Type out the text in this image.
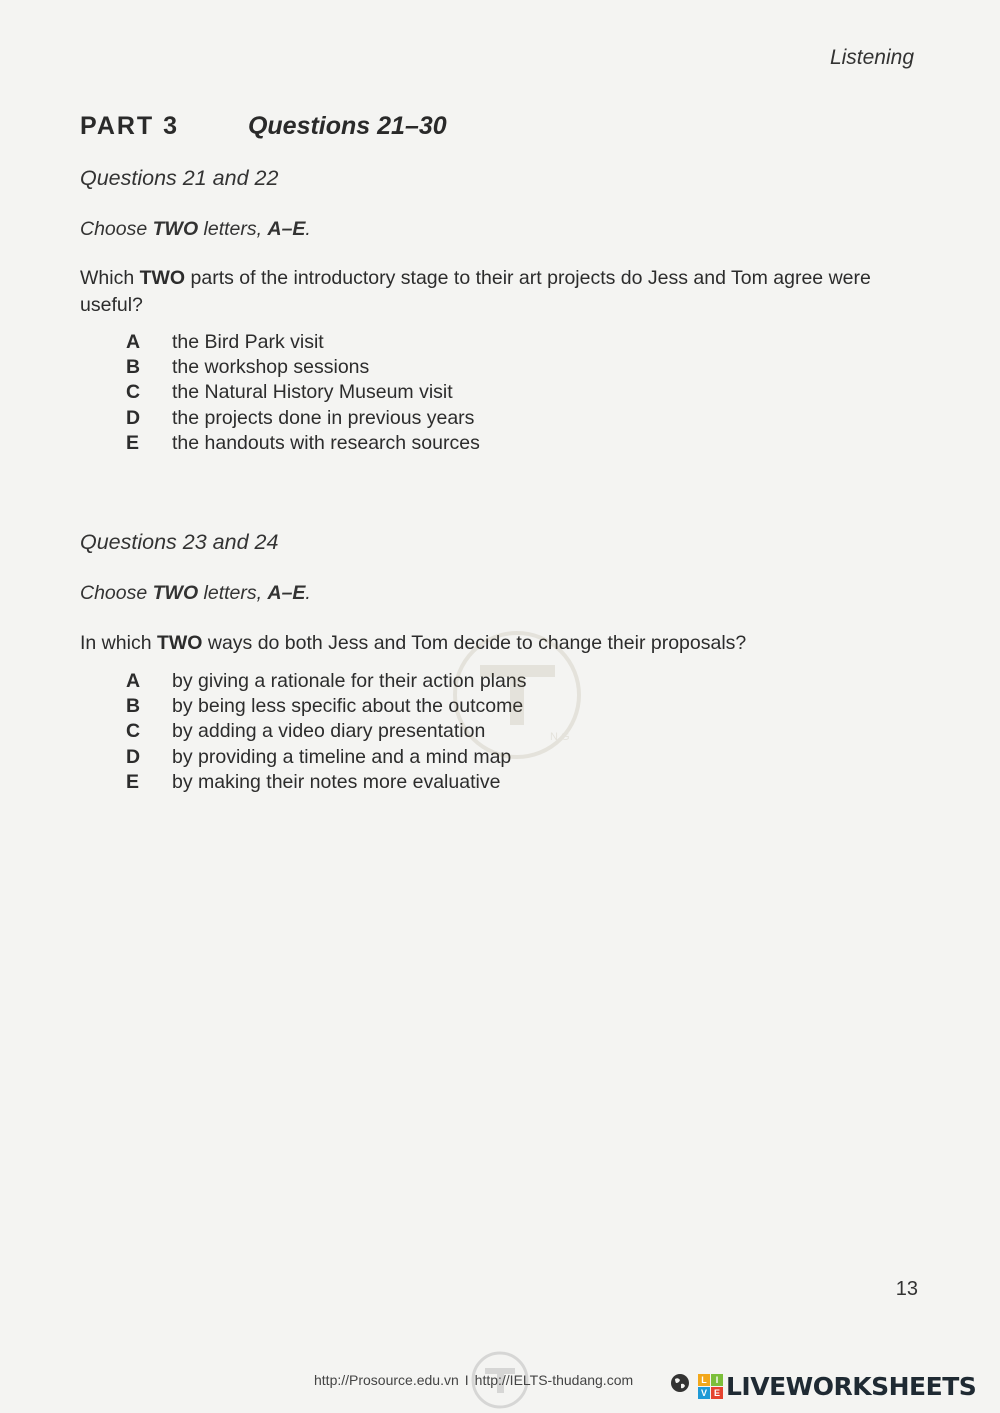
Listening
PART 3	Questions 21–30
Questions 21 and 22
Choose TWO letters, A–E.
Which TWO parts of the introductory stage to their art projects do Jess and Tom agree were useful?
A	the Bird Park visit
B	the workshop sessions
C	the Natural History Museum visit
D	the projects done in previous years
E	the handouts with research sources
Questions 23 and 24
Choose TWO letters, A–E.
In which TWO ways do both Jess and Tom decide to change their proposals?
A	by giving a rationale for their action plans
B	by being less specific about the outcome
C	by adding a video diary presentation
D	by providing a timeline and a mind map
E	by making their notes more evaluative
N G
13
http://Prosource.edu.vn I http://IELTS-thudang.com	L I
V E LIVEWORKSHEETS
